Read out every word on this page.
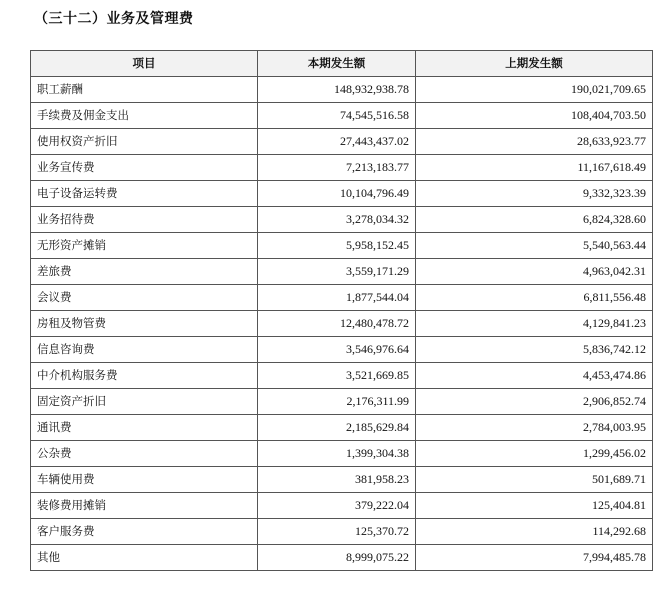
（三十二）业务及管理费
项目	本期发生额	上期发生额
职工薪酬	148,932,938.78	190,021,709.65
手续费及佣金支出	74,545,516.58	108,404,703.50
使用权资产折旧	27,443,437.02	28,633,923.77
业务宣传费	7,213,183.77	11,167,618.49
电子设备运转费	10,104,796.49	9,332,323.39
业务招待费	3,278,034.32	6,824,328.60
无形资产摊销	5,958,152.45	5,540,563.44
差旅费	3,559,171.29	4,963,042.31
会议费	1,877,544.04	6,811,556.48
房租及物管费	12,480,478.72	4,129,841.23
信息咨询费	3,546,976.64	5,836,742.12
中介机构服务费	3,521,669.85	4,453,474.86
固定资产折旧	2,176,311.99	2,906,852.74
通讯费	2,185,629.84	2,784,003.95
公杂费	1,399,304.38	1,299,456.02
车辆使用费	381,958.23	501,689.71
装修费用摊销	379,222.04	125,404.81
客户服务费	125,370.72	114,292.68
其他	8,999,075.22	7,994,485.78
